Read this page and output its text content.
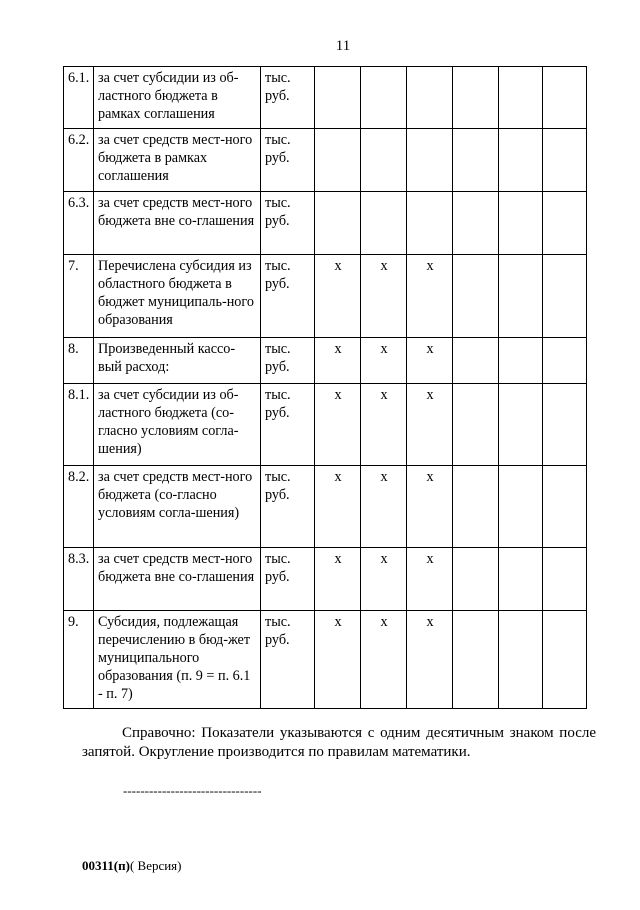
11
6.1.	за счет субсидии из об-ластного бюджета в рамках соглашения	тыс. руб.						
6.2.	за счет средств мест-ного бюджета в рамках соглашения	тыс. руб.						
6.3.	за счет средств мест-ного бюджета вне со-глашения	тыс. руб.						
7.	Перечислена субсидия из областного бюджета в бюджет муниципаль-ного образования	тыс. руб.	x	x	x			
8.	Произведенный кассо-вый расход:	тыс. руб.	x	x	x			
8.1.	за счет субсидии из об-ластного бюджета (со-гласно условиям согла-шения)	тыс. руб.	x	x	x			
8.2.	за счет средств мест-ного бюджета (со-гласно условиям согла-шения)	тыс. руб.	x	x	x			
8.3.	за счет средств мест-ного бюджета вне со-глашения	тыс. руб.	x	x	x			
9.	Субсидия, подлежащая перечислению в бюд-жет муниципального образования (п. 9 = п. 6.1 - п. 7)	тыс. руб.	x	x	x			
Справочно: Показатели указываются с одним десятичным знаком после запятой. Округление производится по правилам математики.
--------------------------------
00311(п)( Версия)
